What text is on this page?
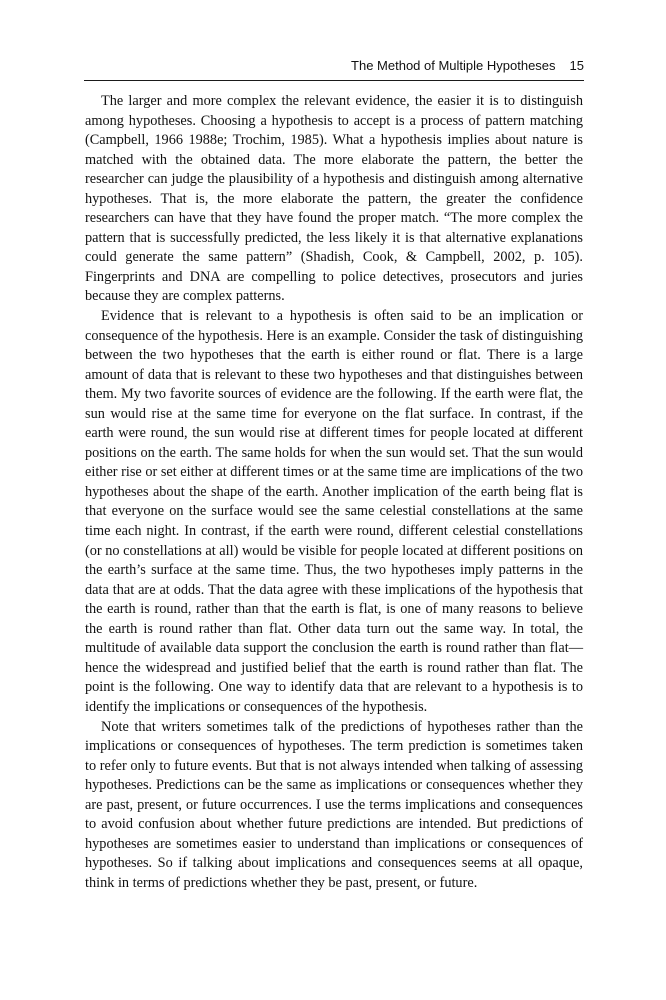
The Method of Multiple Hypotheses 15

The larger and more complex the relevant evidence, the easier it is to distinguish among hypotheses. Choosing a hypothesis to accept is a process of pattern matching (Campbell, 1966 1988e; Trochim, 1985). What a hypothesis implies about nature is matched with the obtained data. The more elaborate the pattern, the better the researcher can judge the plausibility of a hypothesis and distinguish among alternative hypotheses. That is, the more elaborate the pattern, the greater the confidence researchers can have that they have found the proper match. “The more complex the pattern that is successfully predicted, the less likely it is that alternative explanations could generate the same pattern” (Shadish, Cook, & Campbell, 2002, p. 105). Fingerprints and DNA are compelling to police detectives, prosecutors and juries because they are complex patterns.

Evidence that is relevant to a hypothesis is often said to be an implication or consequence of the hypothesis. Here is an example. Consider the task of distinguishing between the two hypotheses that the earth is either round or flat. There is a large amount of data that is relevant to these two hypotheses and that distinguishes between them. My two favorite sources of evidence are the following. If the earth were flat, the sun would rise at the same time for everyone on the flat surface. In contrast, if the earth were round, the sun would rise at different times for people located at different positions on the earth. The same holds for when the sun would set. That the sun would either rise or set either at different times or at the same time are implications of the two hypotheses about the shape of the earth. Another implication of the earth being flat is that everyone on the surface would see the same celestial constellations at the same time each night. In contrast, if the earth were round, different celestial constellations (or no constellations at all) would be visible for people located at different positions on the earth’s surface at the same time. Thus, the two hypotheses imply patterns in the data that are at odds. That the data agree with these implications of the hypothesis that the earth is round, rather than that the earth is flat, is one of many reasons to believe the earth is round rather than flat. Other data turn out the same way. In total, the multitude of available data support the conclusion the earth is round rather than flat—hence the widespread and justified belief that the earth is round rather than flat. The point is the following. One way to identify data that are relevant to a hypothesis is to identify the implications or consequences of the hypothesis.

Note that writers sometimes talk of the predictions of hypotheses rather than the implications or consequences of hypotheses. The term prediction is sometimes taken to refer only to future events. But that is not always intended when talking of assessing hypotheses. Predictions can be the same as implications or consequences whether they are past, present, or future occurrences. I use the terms implications and consequences to avoid confusion about whether future predictions are intended. But predictions of hypotheses are sometimes easier to understand than implications or consequences of hypotheses. So if talking about implications and consequences seems at all opaque, think in terms of predictions whether they be past, present, or future.
